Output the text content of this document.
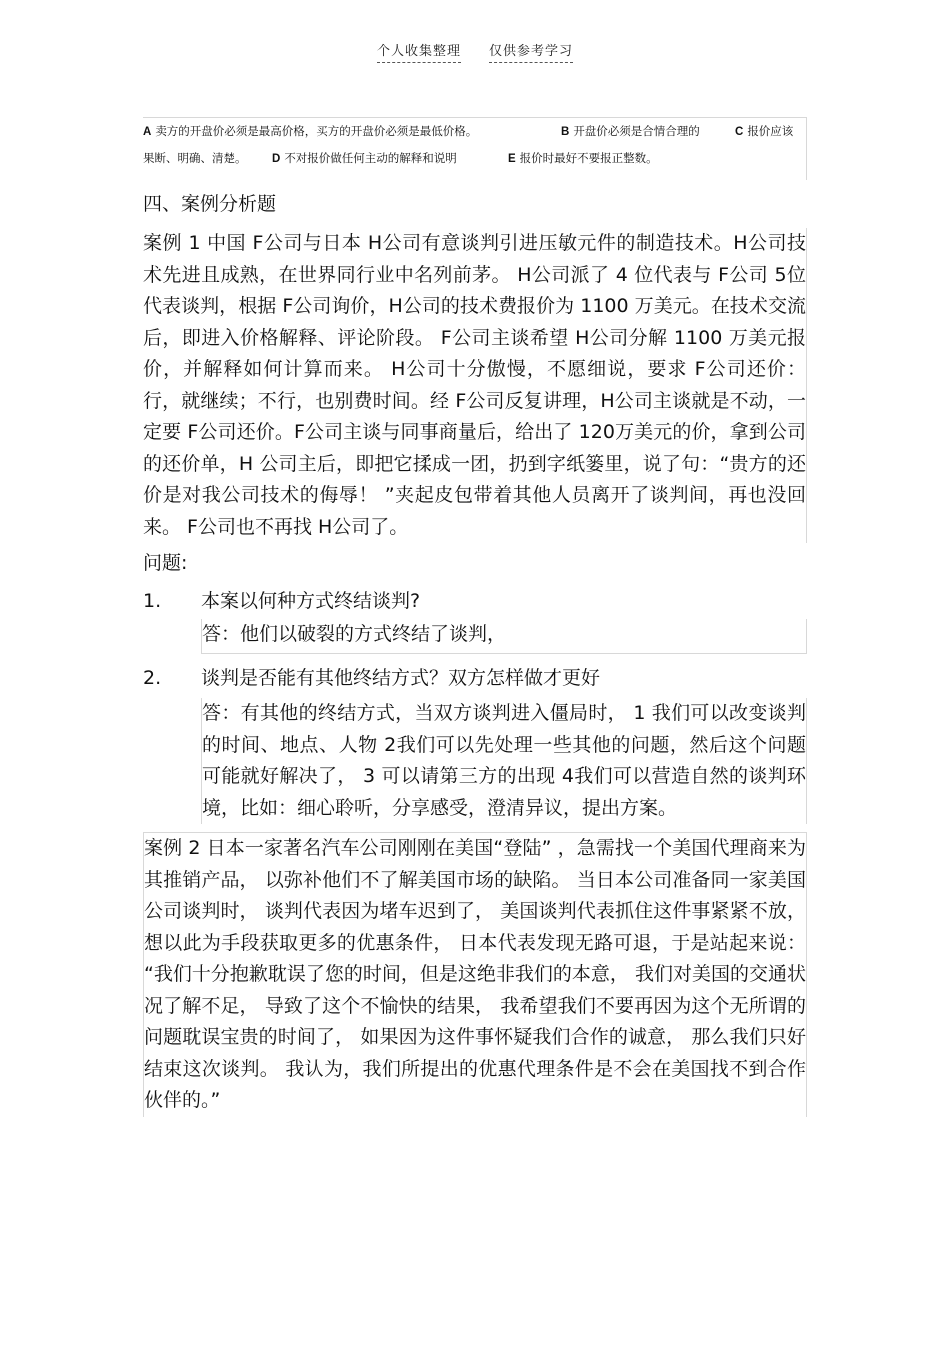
个人收集整理 仅供参考学习
A 卖方的开盘价必须是最高价格，买方的开盘价必须是最低价格。	B 开盘价必须是合情合理的	C 报价应该
果断、明确、清楚。 D 不对报价做任何主动的解释和说明	E 报价时最好不要报正整数。
四、案例分析题
案例 1 中国 F公司与日本 H公司有意谈判引进压敏元件的制造技术。H公司技术先进且成熟，在世界同行业中名列前茅。 H公司派了 4 位代表与 F公司 5位代表谈判，根据 F公司询价，H公司的技术费报价为 1100 万美元。在技术交流后，即进入价格解释、评论阶段。 F公司主谈希望 H公司分解 1100 万美元报价，并解释如何计算而来。 H公司十分傲慢，不愿细说，要求 F公司还价：行，就继续；不行，也别费时间。经 F公司反复讲理，H公司主谈就是不动，一定要 F公司还价。F公司主谈与同事商量后，给出了 120万美元的价，拿到公司的还价单，H 公司主后，即把它揉成一团，扔到字纸篓里，说了句：“贵方的还价是对我公司技术的侮辱！ ”夹起皮包带着其他人员离开了谈判间，再也没回来。 F公司也不再找 H公司了。
问题:
1. 本案以何种方式终结谈判?
答：他们以破裂的方式终结了谈判，
2. 谈判是否能有其他终结方式？双方怎样做才更好
答：有其他的终结方式，当双方谈判进入僵局时， 1 我们可以改变谈判的时间、地点、人物 2我们可以先处理一些其他的问题，然后这个问题可能就好解决了， 3 可以请第三方的出现 4我们可以营造自然的谈判环境，比如：细心聆听，分享感受，澄清异议，提出方案。
案例 2 日本一家著名汽车公司刚刚在美国“登陆” ，急需找一个美国代理商来为其推销产品， 以弥补他们不了解美国市场的缺陷。 当日本公司准备同一家美国公司谈判时， 谈判代表因为堵车迟到了， 美国谈判代表抓住这件事紧紧不放， 想以此为手段获取更多的优惠条件， 日本代表发现无路可退，于是站起来说： “我们十分抱歉耽误了您的时间，但是这绝非我们的本意， 我们对美国的交通状况了解不足， 导致了这个不愉快的结果， 我希望我们不要再因为这个无所谓的问题耽误宝贵的时间了， 如果因为这件事怀疑我们合作的诚意， 那么我们只好结束这次谈判。 我认为，我们所提出的优惠代理条件是不会在美国找不到合作伙伴的。”
